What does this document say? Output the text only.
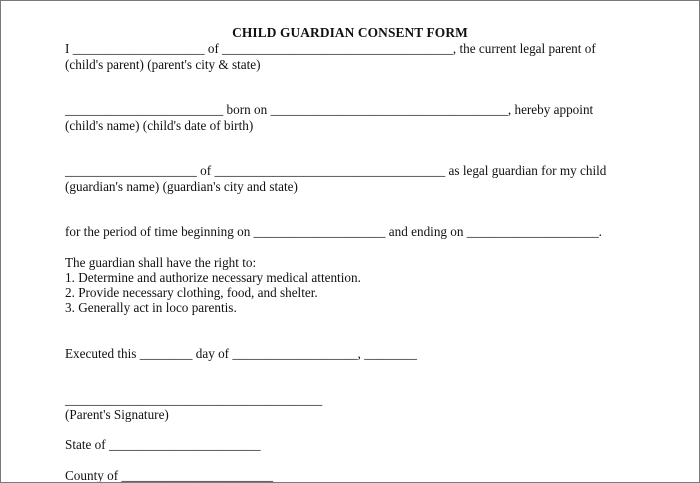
CHILD GUARDIAN CONSENT FORM
I ____________________ of ___________________________________, the current legal parent of
(child's parent) (parent's city & state)
________________________ born on ____________________________________, hereby appoint
(child's name) (child's date of birth)
____________________ of ___________________________________ as legal guardian for my child
(guardian's name) (guardian's city and state)
for the period of time beginning on ____________________ and ending on ____________________.
The guardian shall have the right to:
1. Determine and authorize necessary medical attention.
2. Provide necessary clothing, food, and shelter.
3. Generally act in loco parentis.
Executed this ________ day of ___________________, ________
_______________________________________
(Parent's Signature)
State of _______________________
County of _______________________
